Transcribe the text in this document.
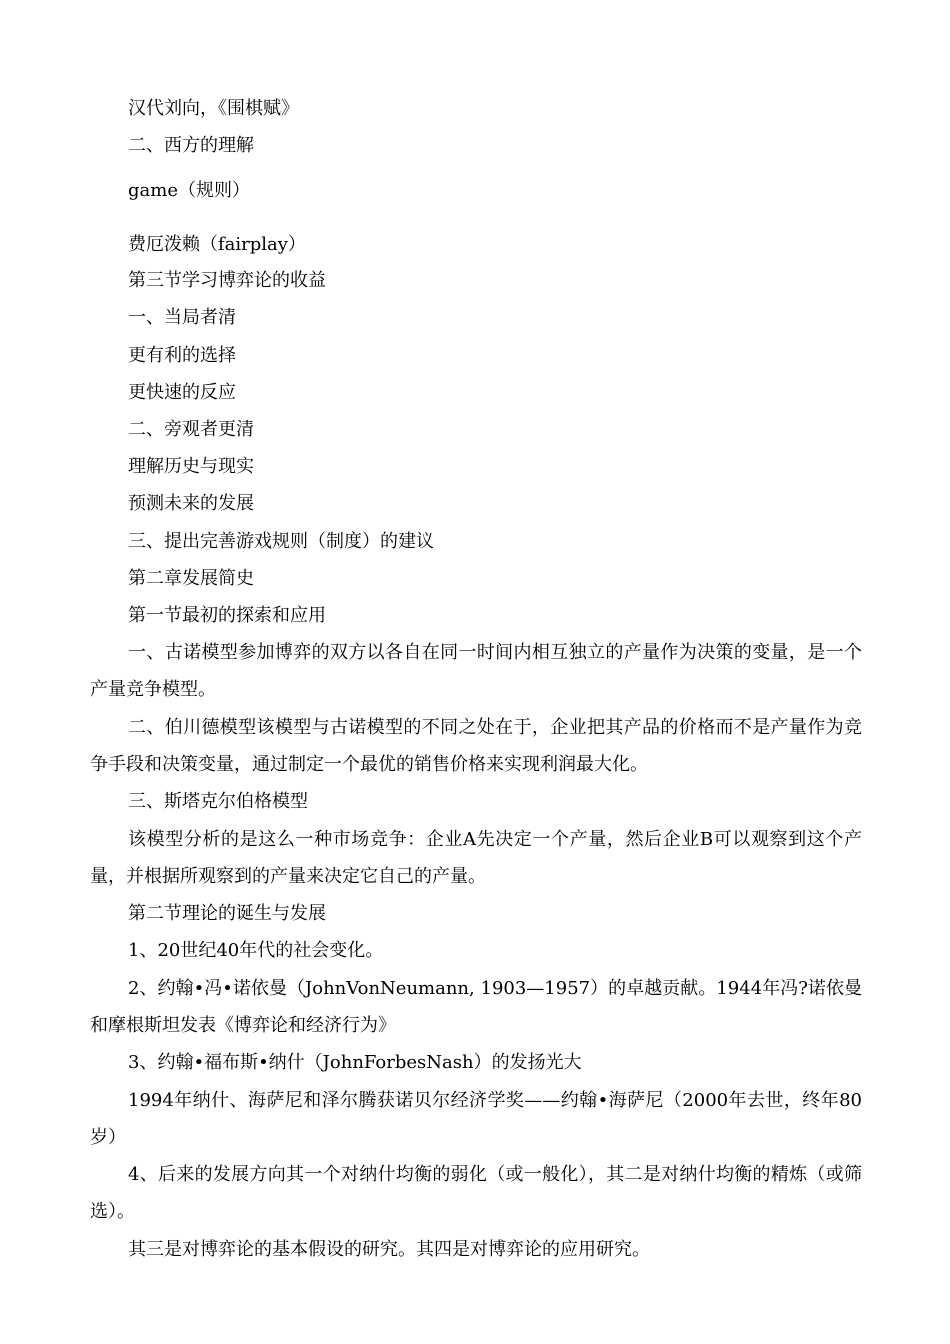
汉代刘向，《围棋赋》
二、西方的理解
game（规则）
费厄泼赖（fairplay）
第三节学习博弈论的收益
一、当局者清
更有利的选择
更快速的反应
二、旁观者更清
理解历史与现实
预测未来的发展
三、提出完善游戏规则（制度）的建议
第二章发展简史
第一节最初的探索和应用
一、古诺模型参加博弈的双方以各自在同一时间内相互独立的产量作为决策的变量，是一个产量竞争模型。
二、伯川德模型该模型与古诺模型的不同之处在于，企业把其产品的价格而不是产量作为竞争手段和决策变量，通过制定一个最优的销售价格来实现利润最大化。
三、斯塔克尔伯格模型
该模型分析的是这么一种市场竞争：企业A先决定一个产量，然后企业B可以观察到这个产量，并根据所观察到的产量来决定它自己的产量。
第二节理论的诞生与发展
1、20世纪40年代的社会变化。
2、约翰•冯•诺依曼（JohnVonNeumann, 1903—1957）的卓越贡献。1944年冯?诺依曼和摩根斯坦发表《博弈论和经济行为》
3、约翰•福布斯•纳什（JohnForbesNash）的发扬光大
1994年纳什、海萨尼和泽尔腾获诺贝尔经济学奖——约翰•海萨尼（2000年去世，终年80岁）
4、后来的发展方向其一个对纳什均衡的弱化（或一般化），其二是对纳什均衡的精炼（或筛选）。
其三是对博弈论的基本假设的研究。其四是对博弈论的应用研究。
